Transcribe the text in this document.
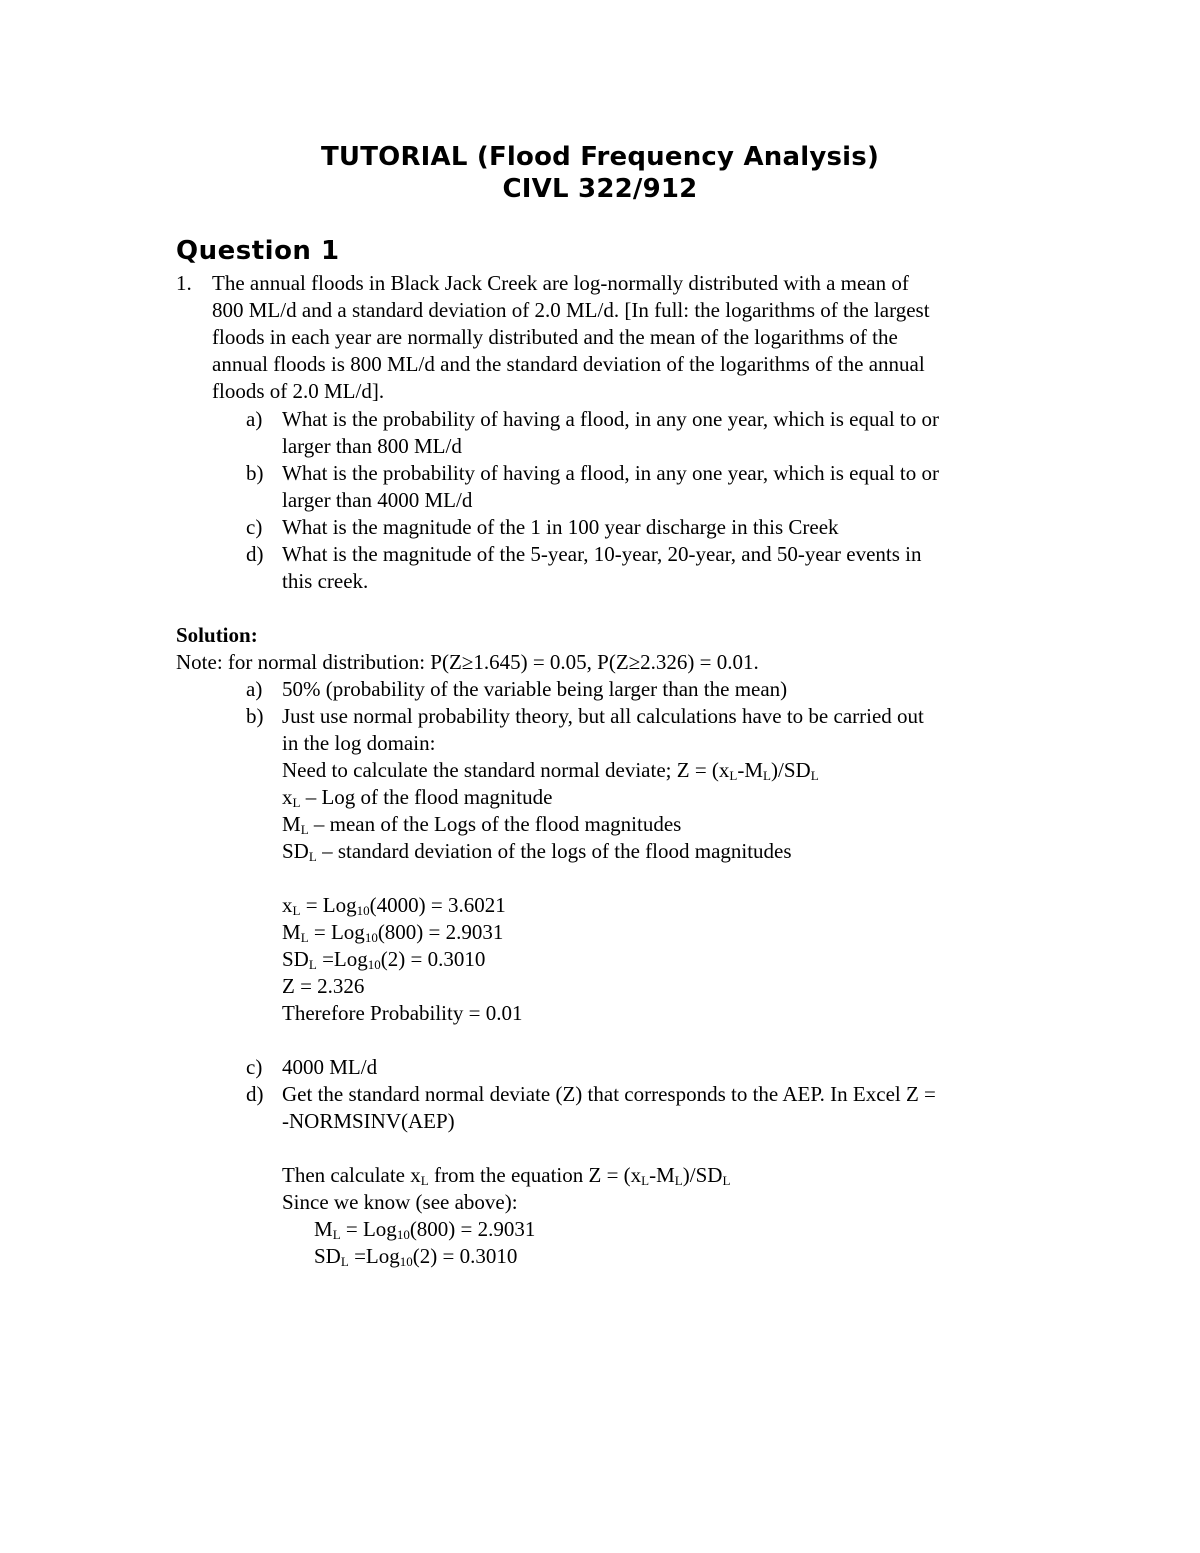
TUTORIAL (Flood Frequency Analysis)
CIVL 322/912
Question 1
1. The annual floods in Black Jack Creek are log-normally distributed with a mean of
800 ML/d and a standard deviation of 2.0 ML/d. [In full: the logarithms of the largest
floods in each year are normally distributed and the mean of the logarithms of the
annual floods is 800 ML/d and the standard deviation of the logarithms of the annual
floods of 2.0 ML/d].
a) What is the probability of having a flood, in any one year, which is equal to or
larger than 800 ML/d
b) What is the probability of having a flood, in any one year, which is equal to or
larger than 4000 ML/d
c) What is the magnitude of the 1 in 100 year discharge in this Creek
d) What is the magnitude of the 5-year, 10-year, 20-year, and 50-year events in
this creek.
Solution:
Note: for normal distribution: P(Z≥1.645) = 0.05, P(Z≥2.326) = 0.01.
a) 50% (probability of the variable being larger than the mean)
b) Just use normal probability theory, but all calculations have to be carried out
in the log domain:
Need to calculate the standard normal deviate; $Z = (x_L-M_L)/SD_L$
$x_L$ – Log of the flood magnitude
$M_L$ – mean of the Logs of the flood magnitudes
$SD_L$ – standard deviation of the logs of the flood magnitudes
$x_L = Log_{10}(4000) = 3.6021$
$M_L = Log_{10}(800) = 2.9031$
$SD_L =Log_{10}(2) = 0.3010$
Z = 2.326
Therefore Probability = 0.01
c) 4000 ML/d
d) Get the standard normal deviate (Z) that corresponds to the AEP. In Excel Z =
-NORMSINV(AEP)
Then calculate $x_L$ from the equation $Z = (x_L-M_L)/SD_L$
Since we know (see above):
$M_L = Log_{10}(800) = 2.9031$
$SD_L =Log_{10}(2) = 0.3010$
